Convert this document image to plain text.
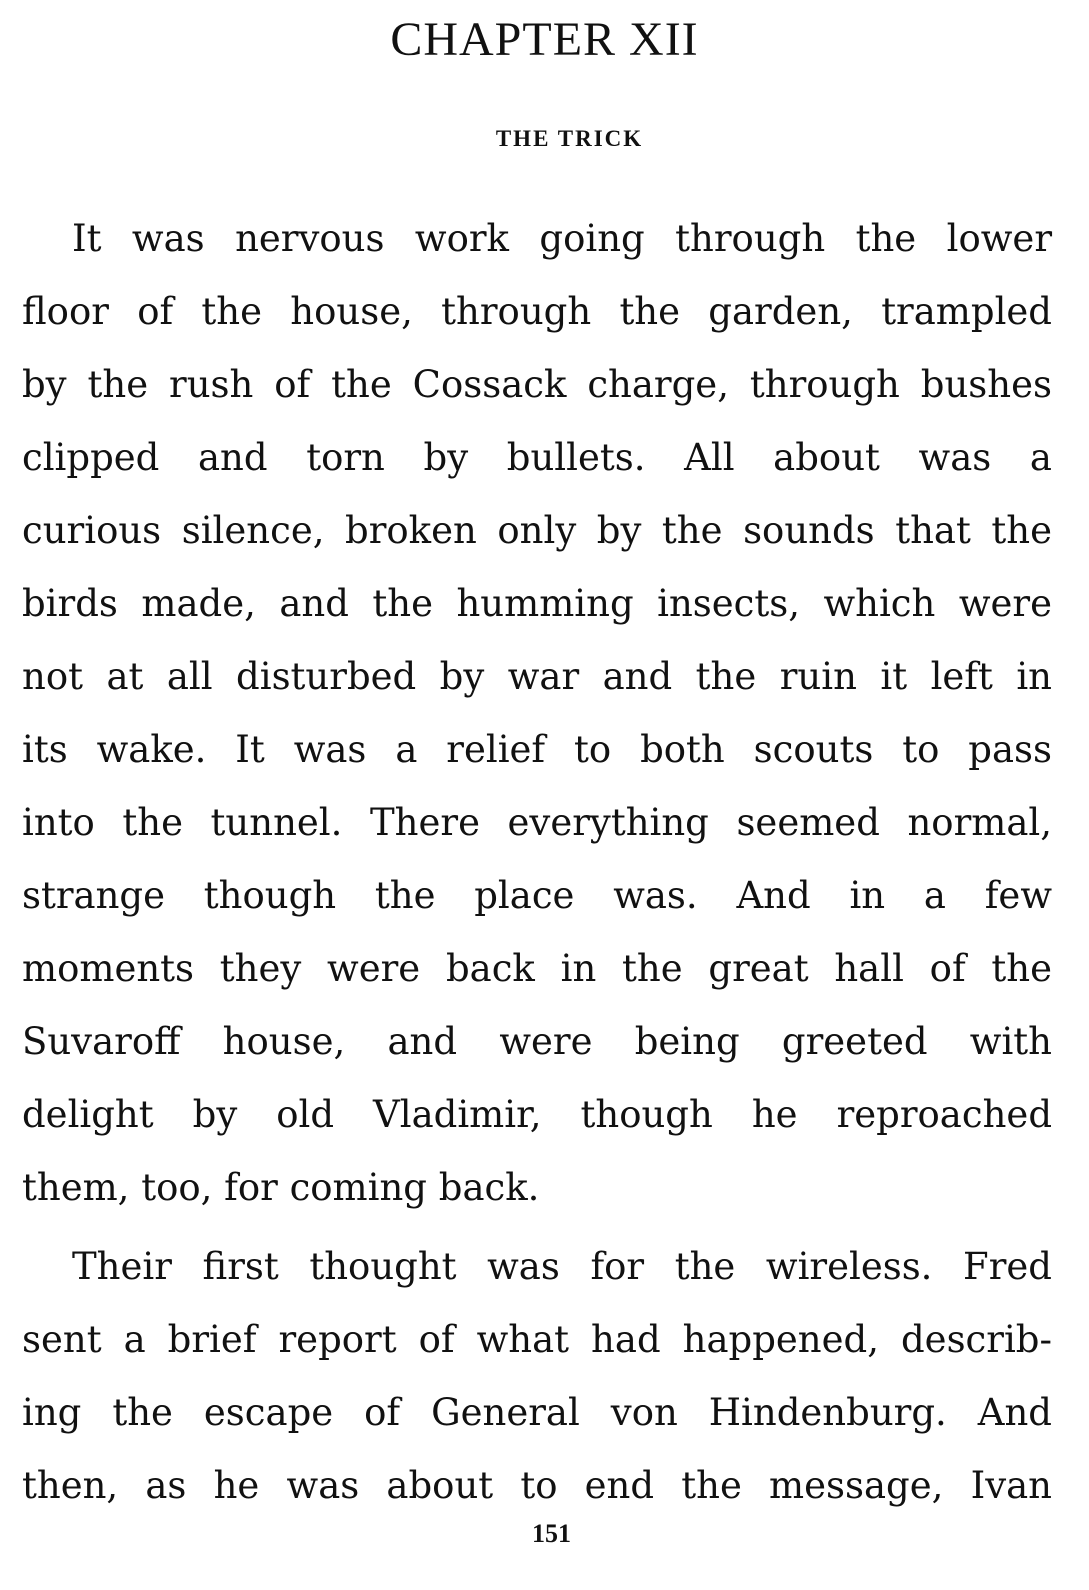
CHAPTER XII
THE TRICK
It was nervous work going through the lower
floor of the house, through the garden, trampled
by the rush of the Cossack charge, through bushes
clipped and torn by bullets. All about was a
curious silence, broken only by the sounds that the
birds made, and the humming insects, which were
not at all disturbed by war and the ruin it left in
its wake. It was a relief to both scouts to pass
into the tunnel. There everything seemed normal,
strange though the place was. And in a few
moments they were back in the great hall of the
Suvaroff house, and were being greeted with
delight by old Vladimir, though he reproached
them, too, for coming back.
Their first thought was for the wireless. Fred
sent a brief report of what had happened, describ-
ing the escape of General von Hindenburg. And
then, as he was about to end the message, Ivan
151
